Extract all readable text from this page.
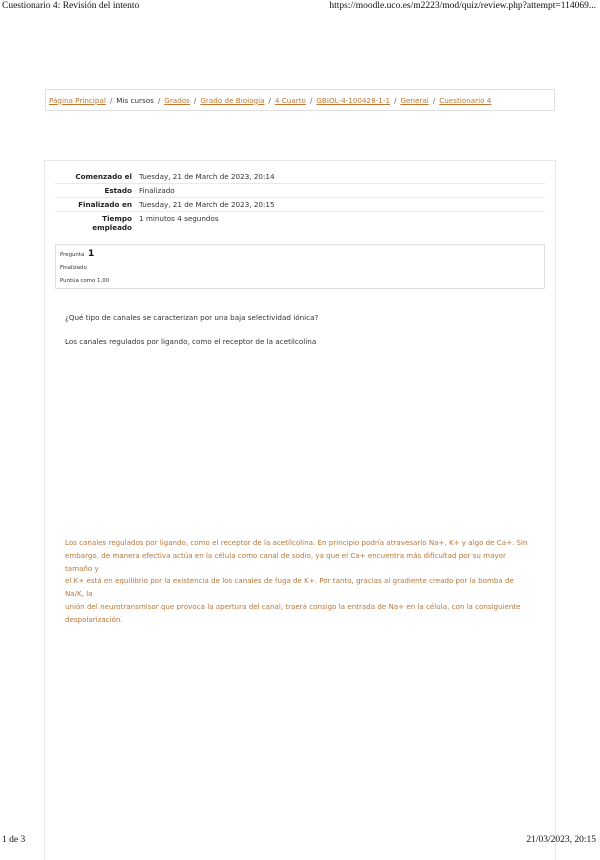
Cuestionario 4: Revisión del intento	https://moodle.uco.es/m2223/mod/quiz/review.php?attempt=114069...
Página Principal / Mis cursos / Grados / Grado de Biología / 4 Cuarto / GBIOL-4-100428-1-1 / General / Cuestionario 4
Comenzado el Tuesday, 21 de March de 2023, 20:14
Estado Finalizado
Finalizado en Tuesday, 21 de March de 2023, 20:15
Tiempo
empleado
1 minutos 4 segundos
Pregunta 1
Finalizado
Puntúa como 1,00
¿Qué tipo de canales se caracterizan por una baja selectividad iónica?
Los canales regulados por ligando, como el receptor de la acetilcolina
Los canales regulados por ligando, como el receptor de la acetilcolina. En principio podría atravesarlo Na+, K+ y algo de Ca+. Sin
embargo, de manera efectiva actúa en la célula como canal de sodio, ya que el Ca+ encuentra más dificultad por su mayor tamaño y
el K+ está en equilibrio por la existencia de los canales de fuga de K+. Por tanto, gracias al gradiente creado por la bomba de Na/K, la
unión del neurotransmisor que provoca la apertura del canal, traerá consigo la entrada de Na+ en la célula, con la consiguiente
despolarización.
1 de 3	21/03/2023, 20:15
